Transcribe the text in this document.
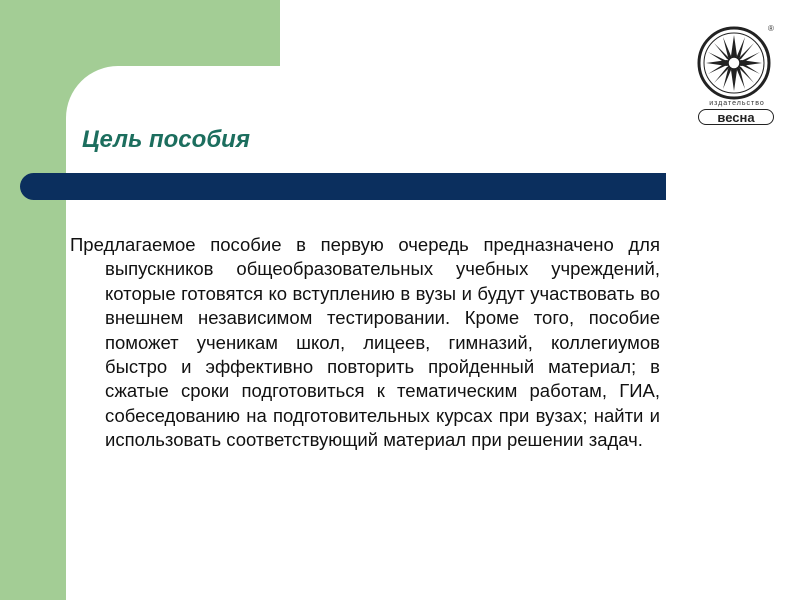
Цель пособия

Предлагаемое пособие в первую очередь предназначено для выпускников общеобразовательных учебных учреждений, которые готовятся ко вступлению в вузы и будут участвовать во внешнем независимом тестировании. Кроме того, пособие поможет ученикам школ, лицеев, гимназий, коллегиумов быстро и эффективно повторить пройденный материал; в сжатые сроки подготовиться к тематическим работам, ГИА, собеседованию на подготовительных курсах при вузах; найти и использовать соответствующий материал при решении задач.

®
издательство
весна
